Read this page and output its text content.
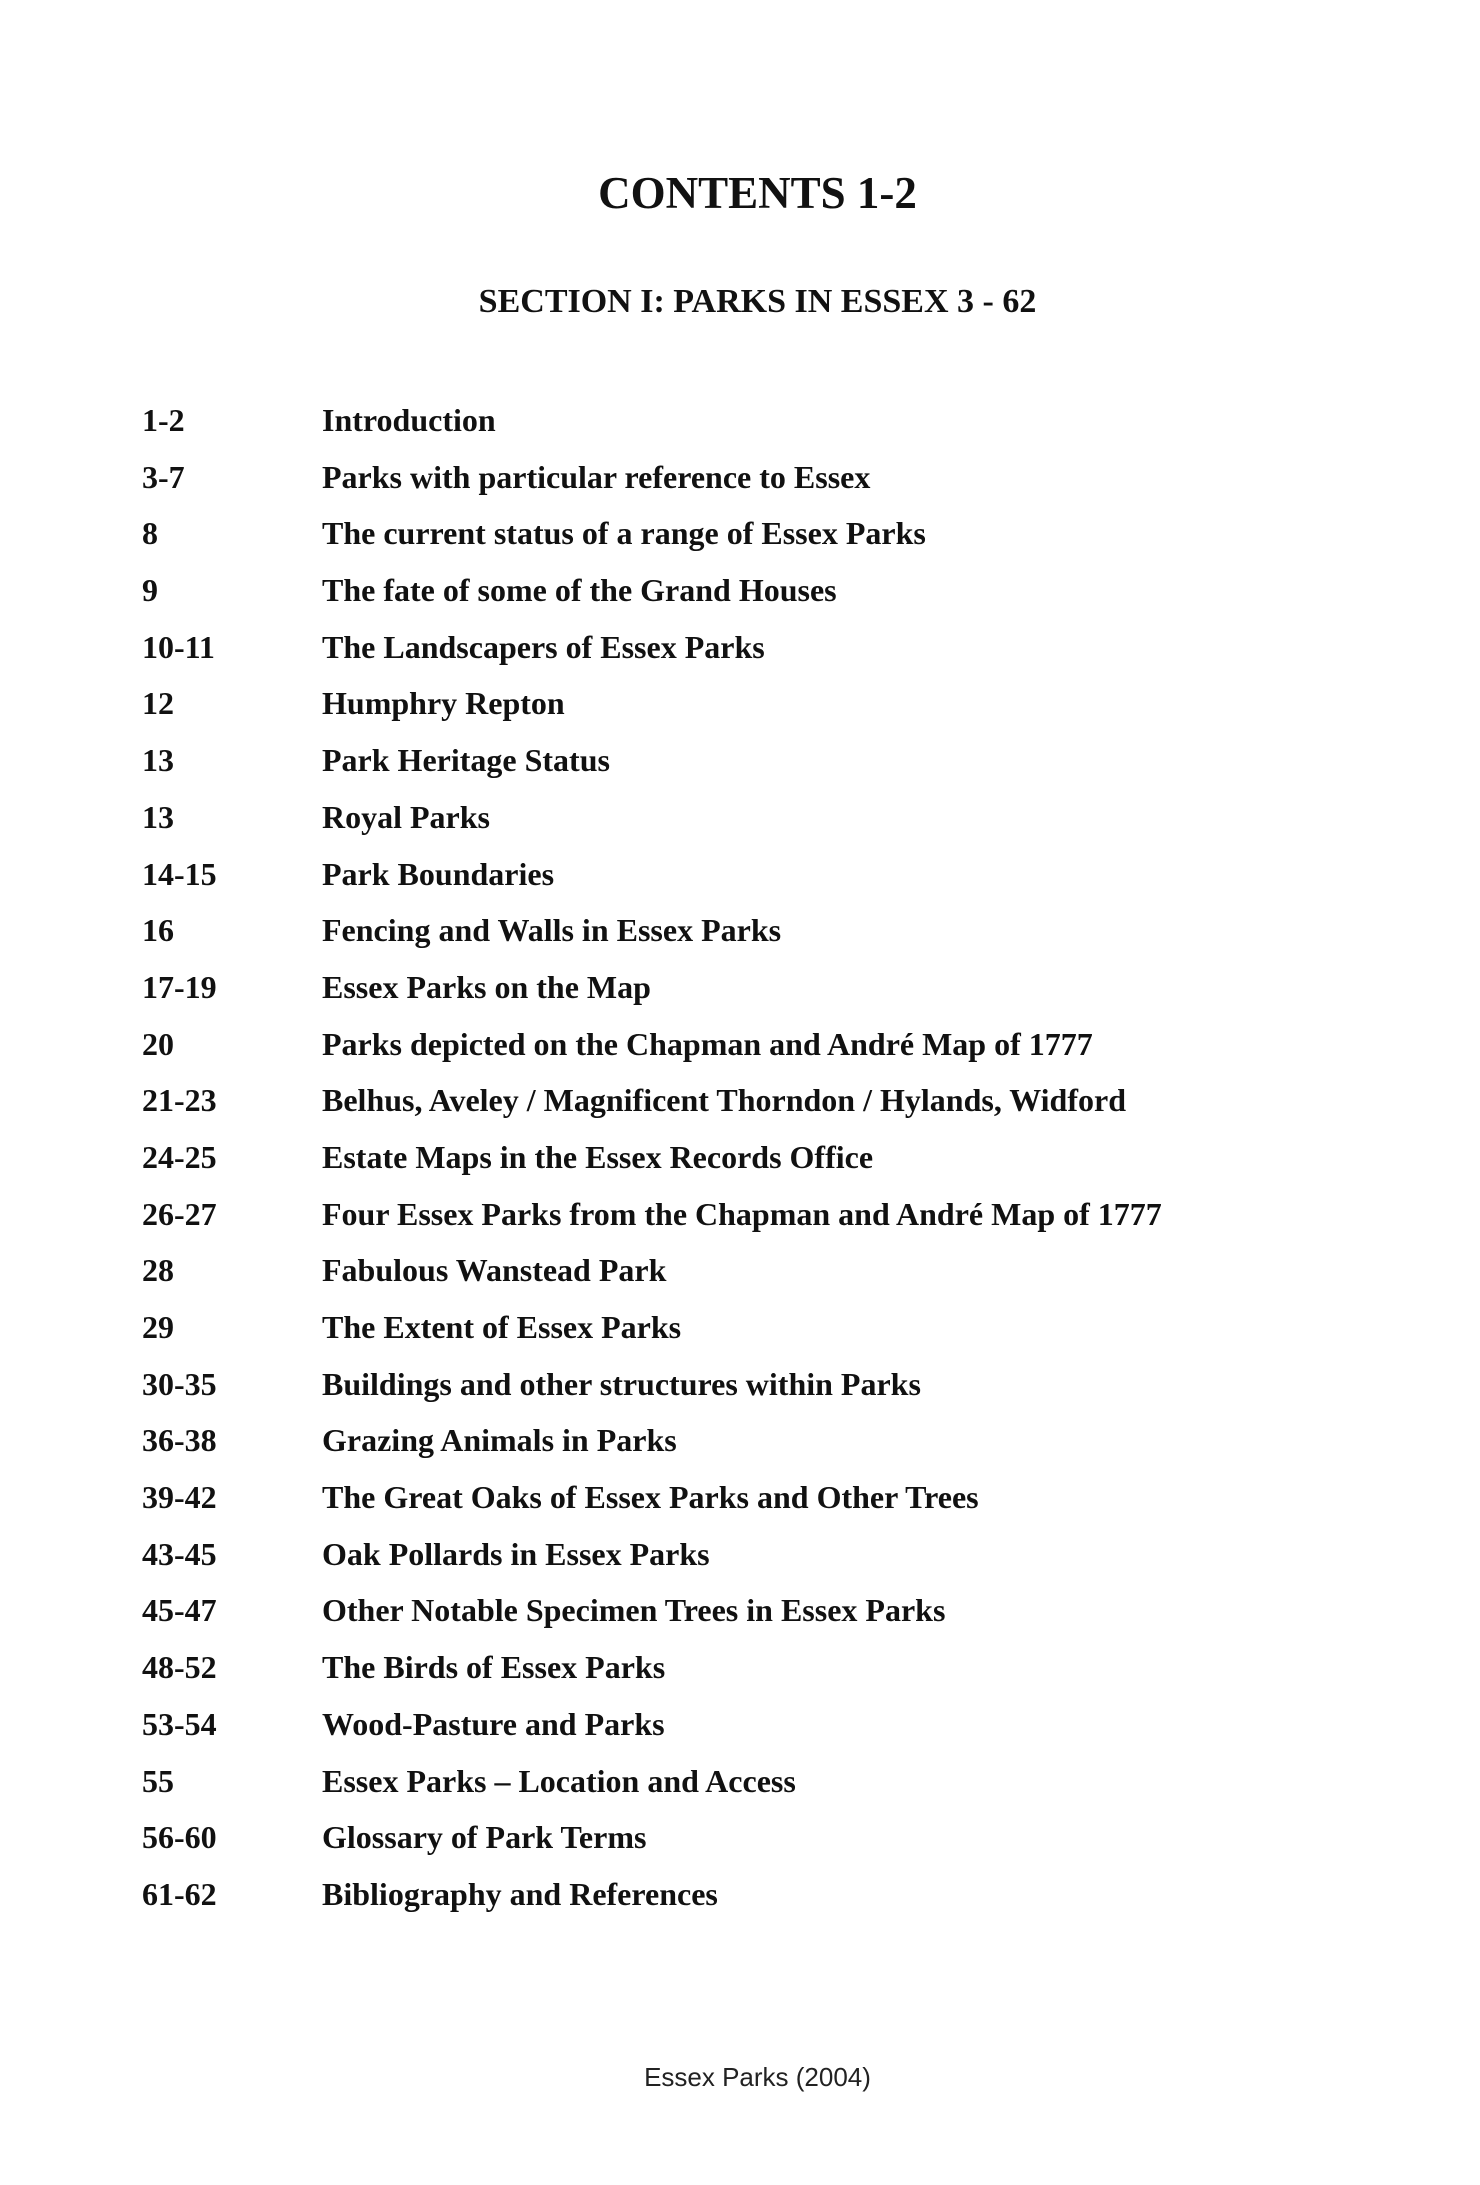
CONTENTS 1-2
SECTION I: PARKS IN ESSEX 3 - 62
1-2	Introduction
3-7	Parks with particular reference to Essex
8	The current status of a range of Essex Parks
9	The fate of some of the Grand Houses
10-11	The Landscapers of Essex Parks
12	Humphry Repton
13	Park Heritage Status
13	Royal Parks
14-15	Park Boundaries
16	Fencing and Walls in Essex Parks
17-19	Essex Parks on the Map
20	Parks depicted on the Chapman and André Map of 1777
21-23	Belhus, Aveley / Magnificent Thorndon / Hylands, Widford
24-25	Estate Maps in the Essex Records Office
26-27	Four Essex Parks from the Chapman and André Map of 1777
28	Fabulous Wanstead Park
29	The Extent of Essex Parks
30-35	Buildings and other structures within Parks
36-38	Grazing Animals in Parks
39-42	The Great Oaks of Essex Parks and Other Trees
43-45	Oak Pollards in Essex Parks
45-47	Other Notable Specimen Trees in Essex Parks
48-52	The Birds of Essex Parks
53-54	Wood-Pasture and Parks
55	Essex Parks – Location and Access
56-60	Glossary of Park Terms
61-62	Bibliography and References
Essex Parks (2004)
